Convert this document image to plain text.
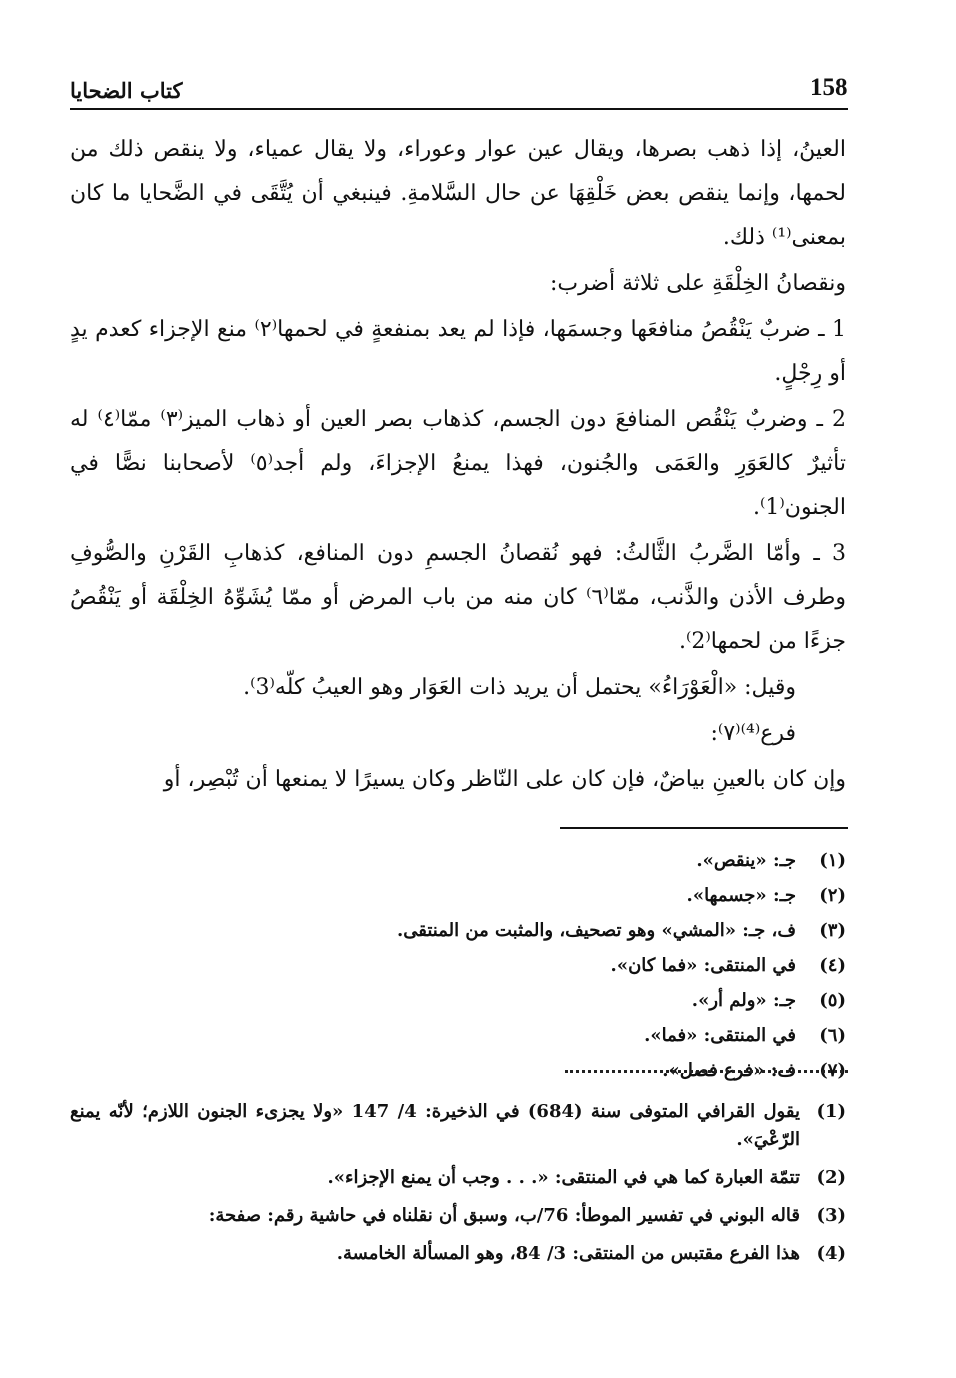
158
كتاب الضحايا

العينُ، إذا ذهب بصرها، ويقال عين عوار وعوراء، ولا يقال عمياء، ولا ينقص ذلك من لحمها، وإنما ينقص بعض خَلْقِهَا عن حال السَّلامةِ. فينبغي أن يُتَّقَى في الضَّحايا ما كان بمعنى⁽¹⁾ ذلك.

ونقصانُ الخِلْقَةِ على ثلاثة أضرب:

1 ـ ضربٌ يَنْقُصُ منافعَها وجسمَها، فإذا لم يعد بمنفعةٍ في لحمها⁽٢⁾ منع الإجزاء كعدم يدٍ أو رِجْلٍ.

2 ـ وضربٌ يَنْقُص المنافعَ دون الجسم، كذهاب بصر العين أو ذهاب الميز⁽٣⁾ ممّا⁽٤⁾ له تأثيرٌ كالعَوَرِ والعَمَى والجُنون، فهذا يمنعُ الإجزاءَ، ولم أجد⁽٥⁾ لأصحابنا نصًّا في الجنون⁽1⁾.

3 ـ وأمّا الضَّربُ الثَّالثُ: فهو نُقصانُ الجسمِ دون المنافع، كذهابِ القَرْنِ والصُّوفِ وطرف الأذن والذَّنب، ممّا⁽٦⁾ كان منه من باب المرض أو ممّا يُشَوِّهُ الخِلْقَة أو يَنْقُصُ جزءًا من لحمها⁽2⁾.

وقيل: «الْعَوْرَاءُ» يحتمل أن يريد ذات العَوَار وهو العيبُ كلّه⁽3⁾.

فرع⁽⁴⁾⁽٧⁾:

وإن كان بالعينِ بياضٌ، فإن كان على النّاظر وكان يسيرًا لا يمنعها أن تُبْصِر، أو

(١)
جـ: «ينقص».
(٢)
جـ: «جسمها».
(٣)
ف، جـ: «المشي» وهو تصحيف، والمثبت من المنتقى.
(٤)
في المنتقى: «فما كان».
(٥)
جـ: «ولم أر».
(٦)
في المنتقى: «فما».
(٧)
ف: «فرع فصل».
(1)
يقول القرافي المتوفى سنة (684) في الذخيرة: 4/ 147 «ولا يجزىء الجنون اللازم؛ لأنّه يمنع الرّعْيَ».
(2)
تتمّة العبارة كما هي في المنتقى: «. . . وجب أن يمنع الإجزاء».
(3)
قاله البوني في تفسير الموطأ: 76/ب، وسبق أن نقلناه في حاشية رقم: صفحة:
(4)
هذا الفرع مقتبس من المنتقى: 3/ 84، وهو المسألة الخامسة.
